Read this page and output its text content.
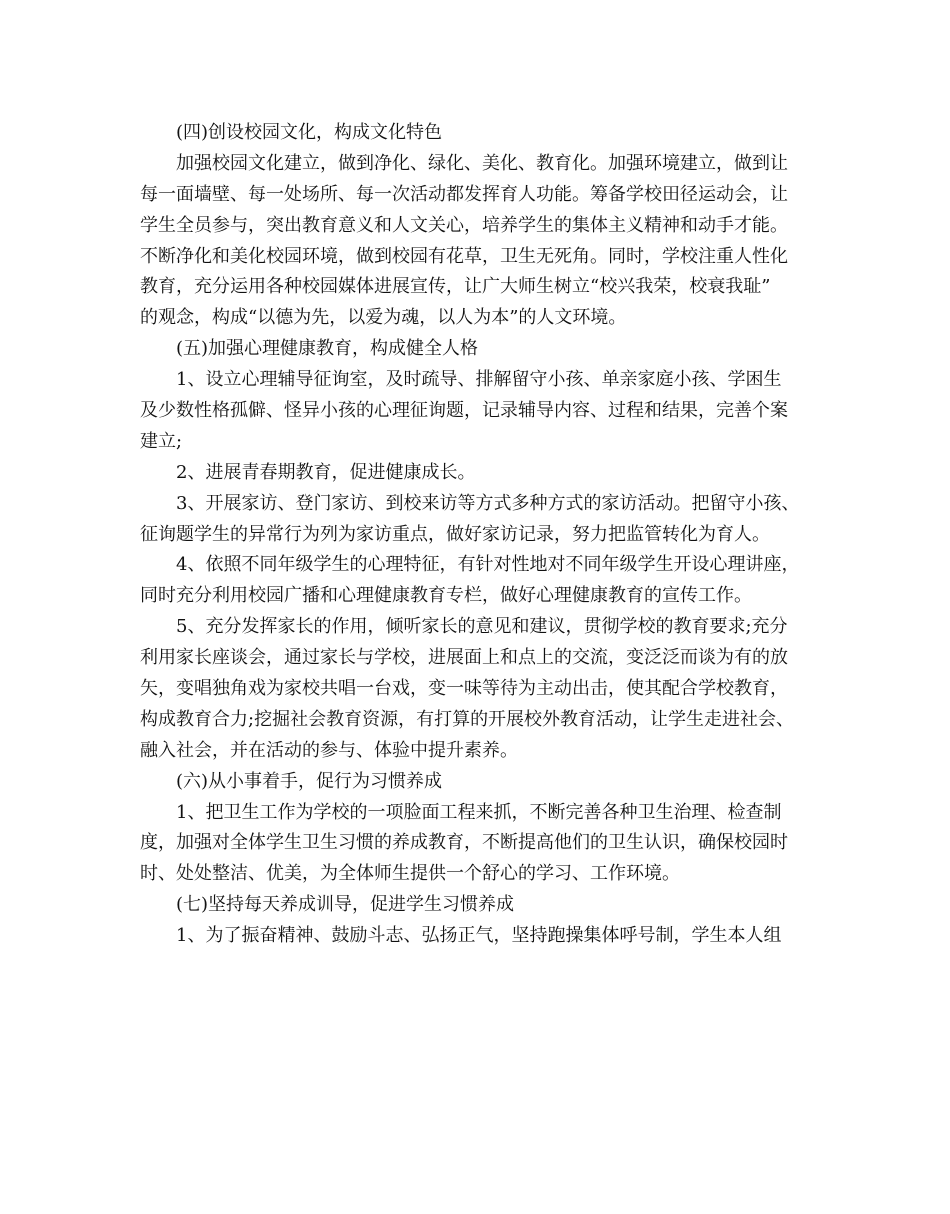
(四)创设校园文化，构成文化特色
加强校园文化建立，做到净化、绿化、美化、教育化。加强环境建立，做到让
每一面墙壁、每一处场所、每一次活动都发挥育人功能。筹备学校田径运动会，让
学生全员参与，突出教育意义和人文关心，培养学生的集体主义精神和动手才能。
不断净化和美化校园环境，做到校园有花草，卫生无死角。同时，学校注重人性化
教育，充分运用各种校园媒体进展宣传，让广大师生树立“校兴我荣，校衰我耻”
的观念，构成“以德为先，以爱为魂，以人为本”的人文环境。
(五)加强心理健康教育，构成健全人格
1、设立心理辅导征询室，及时疏导、排解留守小孩、单亲家庭小孩、学困生
及少数性格孤僻、怪异小孩的心理征询题，记录辅导内容、过程和结果，完善个案
建立;
2、进展青春期教育，促进健康成长。
3、开展家访、登门家访、到校来访等方式多种方式的家访活动。把留守小孩、
征询题学生的异常行为列为家访重点，做好家访记录，努力把监管转化为育人。
4、依照不同年级学生的心理特征，有针对性地对不同年级学生开设心理讲座，
同时充分利用校园广播和心理健康教育专栏，做好心理健康教育的宣传工作。
5、充分发挥家长的作用，倾听家长的意见和建议，贯彻学校的教育要求;充分
利用家长座谈会，通过家长与学校，进展面上和点上的交流，变泛泛而谈为有的放
矢，变唱独角戏为家校共唱一台戏，变一味等待为主动出击，使其配合学校教育，
构成教育合力;挖掘社会教育资源，有打算的开展校外教育活动，让学生走进社会、
融入社会，并在活动的参与、体验中提升素养。
(六)从小事着手，促行为习惯养成
1、把卫生工作为学校的一项脸面工程来抓，不断完善各种卫生治理、检查制
度，加强对全体学生卫生习惯的养成教育，不断提高他们的卫生认识，确保校园时
时、处处整洁、优美，为全体师生提供一个舒心的学习、工作环境。
(七)坚持每天养成训导，促进学生习惯养成
1、为了振奋精神、鼓励斗志、弘扬正气，坚持跑操集体呼号制，学生本人组
